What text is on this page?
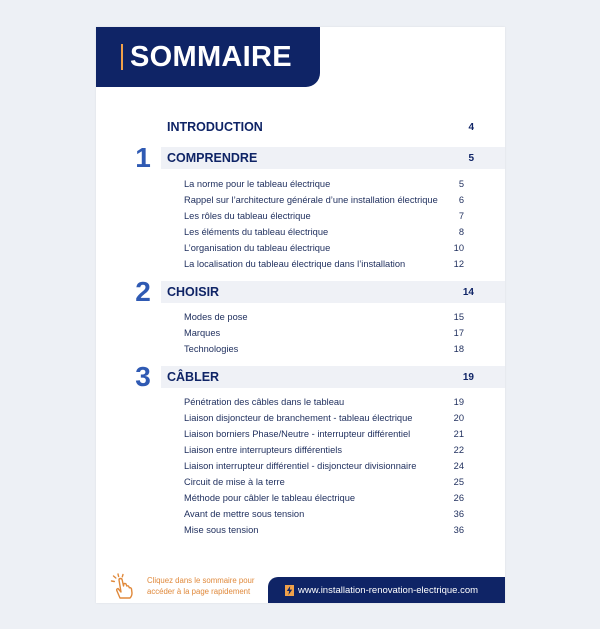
SOMMAIRE
INTRODUCTION	4
1	COMPRENDRE	5
La norme pour le tableau électrique	5
Rappel sur l’architecture générale d’une installation électrique	6
Les rôles du tableau électrique	7
Les éléments du tableau électrique	8
L’organisation du tableau électrique	10
La localisation du tableau électrique dans l’installation	12
2	CHOISIR	14
Modes de pose	15
Marques	17
Technologies	18
3	CÂBLER	19
Pénétration des câbles dans le tableau	19
Liaison disjoncteur de branchement - tableau électrique	20
Liaison borniers Phase/Neutre - interrupteur différentiel	21
Liaison entre interrupteurs différentiels	22
Liaison interrupteur différentiel - disjoncteur divisionnaire	24
Circuit de mise à la terre	25
Méthode pour câbler le tableau électrique	26
Avant de mettre sous tension	36
Mise sous tension	36
Cliquez dans le sommaire pour
accéder à la page rapidement	www.installation-renovation-electrique.com
